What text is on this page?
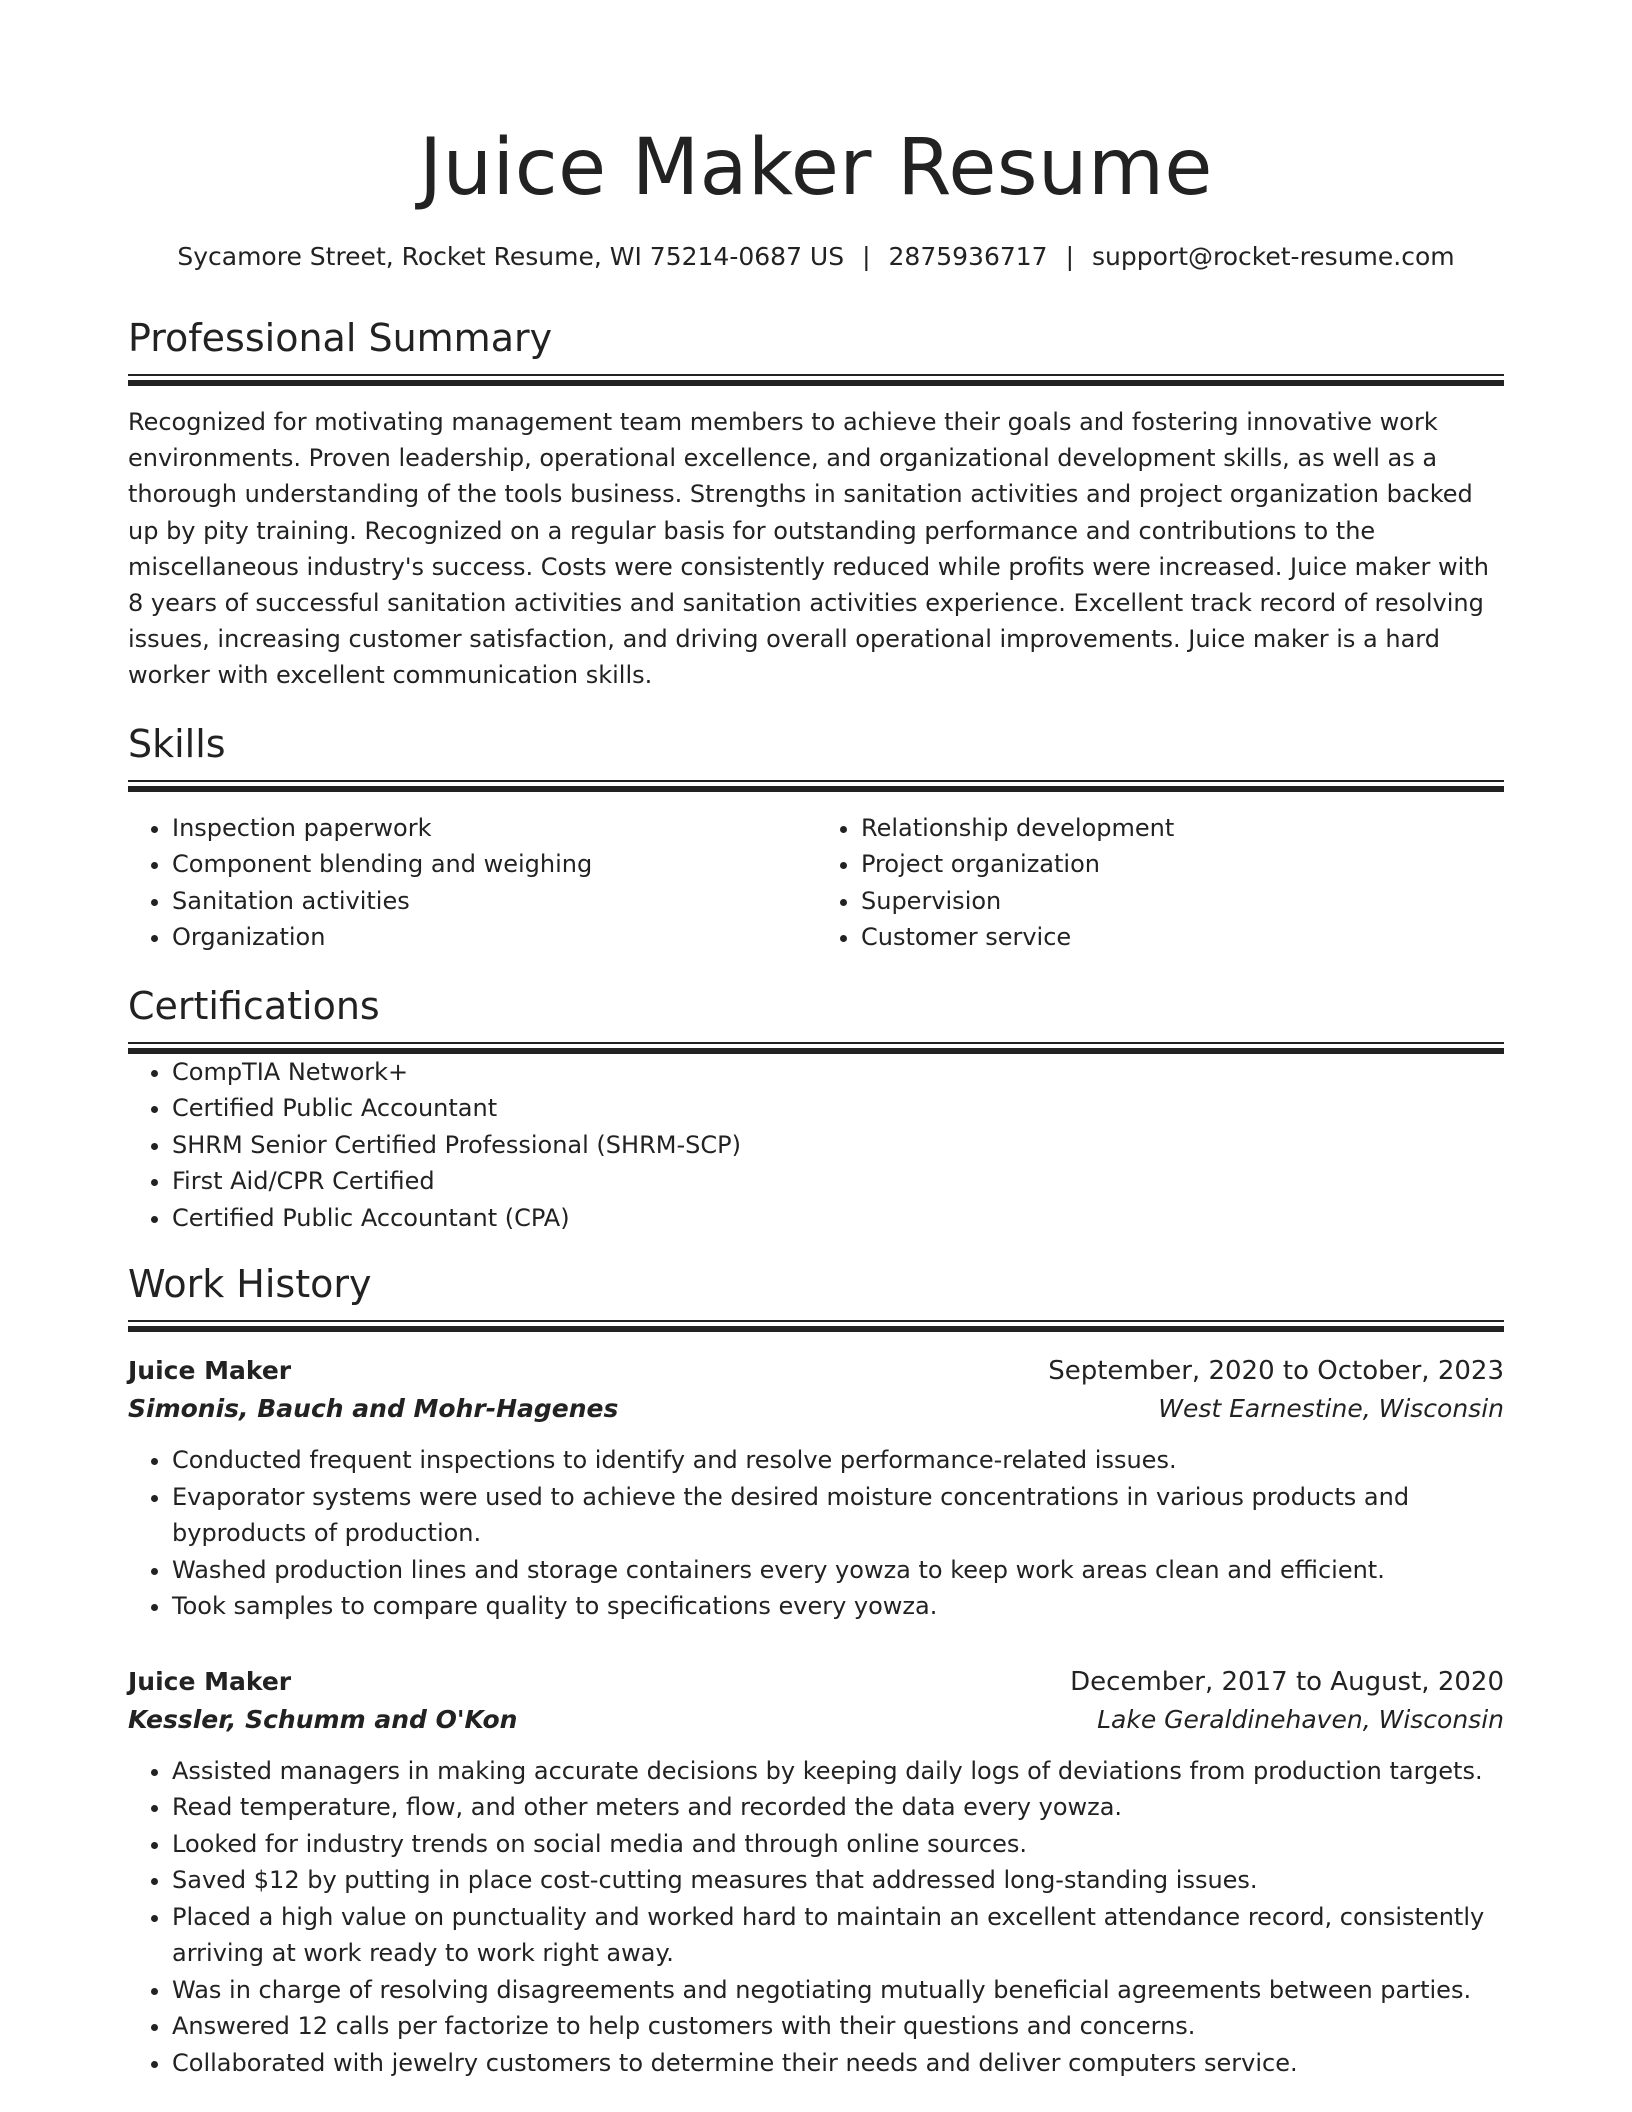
Juice Maker Resume
Sycamore Street, Rocket Resume, WI 75214-0687 US | 2875936717 | support@rocket-resume.com
Professional Summary
Recognized for motivating management team members to achieve their goals and fostering innovative work environments. Proven leadership, operational excellence, and organizational development skills, as well as a thorough understanding of the tools business. Strengths in sanitation activities and project organization backed up by pity training. Recognized on a regular basis for outstanding performance and contributions to the miscellaneous industry's success. Costs were consistently reduced while profits were increased. Juice maker with 8 years of successful sanitation activities and sanitation activities experience. Excellent track record of resolving issues, increasing customer satisfaction, and driving overall operational improvements. Juice maker is a hard worker with excellent communication skills.
Skills
• Inspection paperwork
• Component blending and weighing
• Sanitation activities
• Organization
• Relationship development
• Project organization
• Supervision
• Customer service
Certifications
• CompTIA Network+
• Certified Public Accountant
• SHRM Senior Certified Professional (SHRM-SCP)
• First Aid/CPR Certified
• Certified Public Accountant (CPA)
Work History
Juice Maker	September, 2020 to October, 2023
Simonis, Bauch and Mohr-Hagenes	West Earnestine, Wisconsin
• Conducted frequent inspections to identify and resolve performance-related issues.
• Evaporator systems were used to achieve the desired moisture concentrations in various products and byproducts of production.
• Washed production lines and storage containers every yowza to keep work areas clean and efficient.
• Took samples to compare quality to specifications every yowza.
Juice Maker	December, 2017 to August, 2020
Kessler, Schumm and O'Kon	Lake Geraldinehaven, Wisconsin
• Assisted managers in making accurate decisions by keeping daily logs of deviations from production targets.
• Read temperature, flow, and other meters and recorded the data every yowza.
• Looked for industry trends on social media and through online sources.
• Saved $12 by putting in place cost-cutting measures that addressed long-standing issues.
• Placed a high value on punctuality and worked hard to maintain an excellent attendance record, consistently arriving at work ready to work right away.
• Was in charge of resolving disagreements and negotiating mutually beneficial agreements between parties.
• Answered 12 calls per factorize to help customers with their questions and concerns.
• Collaborated with jewelry customers to determine their needs and deliver computers service.
